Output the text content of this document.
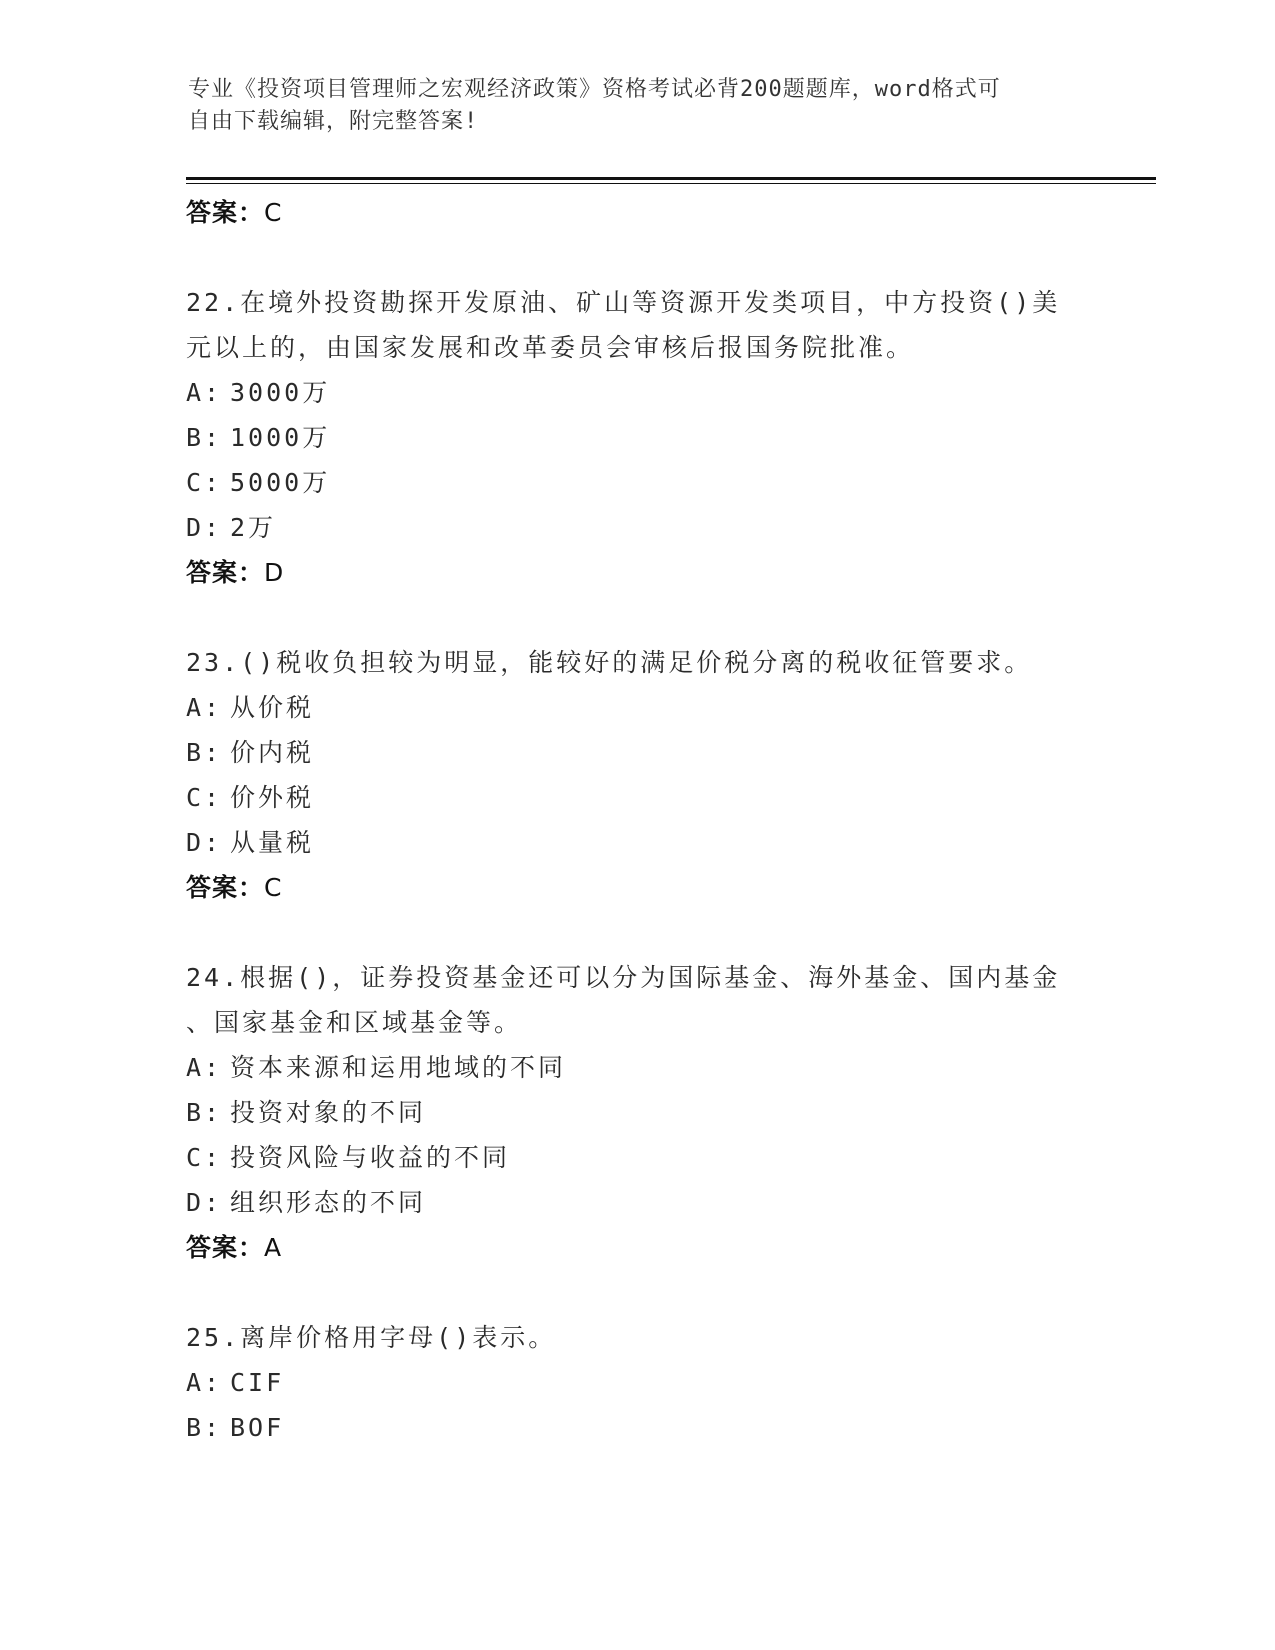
专业《投资项目管理师之宏观经济政策》资格考试必背200题题库，word格式可
自由下载编辑，附完整答案!
答案：C
22.在境外投资勘探开发原油、矿山等资源开发类项目，中方投资()美
元以上的，由国家发展和改革委员会审核后报国务院批准。
A: 3000万
B: 1000万
C: 5000万
D: 2万
答案：D
23.()税收负担较为明显，能较好的满足价税分离的税收征管要求。
A: 从价税
B: 价内税
C: 价外税
D: 从量税
答案：C
24.根据()，证券投资基金还可以分为国际基金、海外基金、国内基金
、国家基金和区域基金等。
A: 资本来源和运用地域的不同
B: 投资对象的不同
C: 投资风险与收益的不同
D: 组织形态的不同
答案：A
25.离岸价格用字母()表示。
A: CIF
B: BOF
